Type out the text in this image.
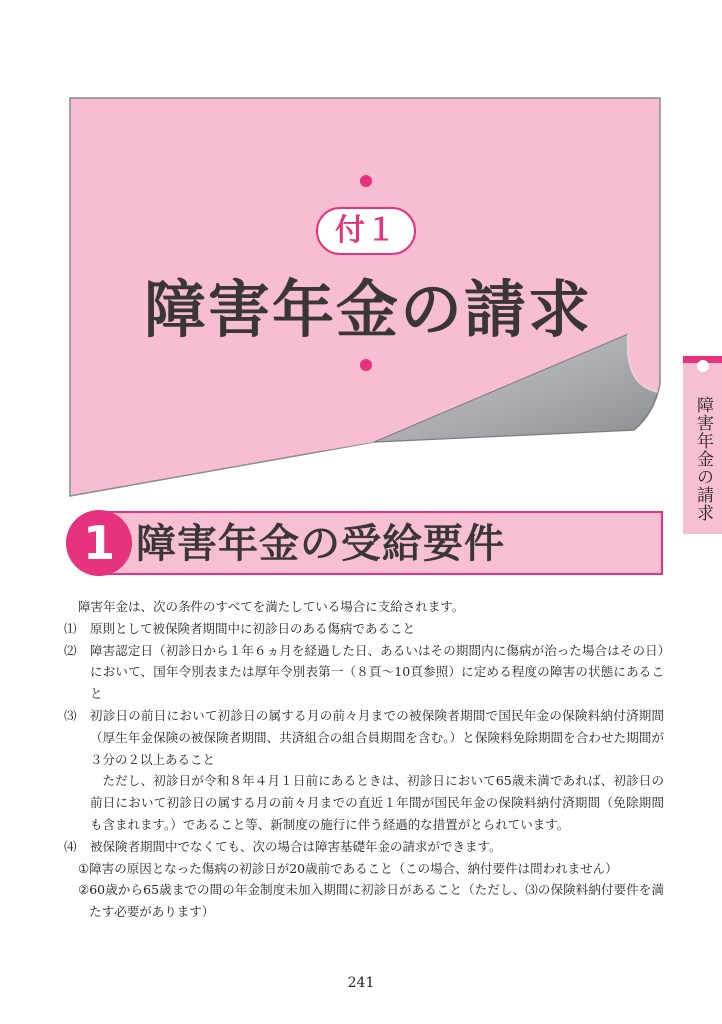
付１
障害年金の請求
障害年金の請求
1 障害年金の受給要件

障害年金は、次の条件のすべてを満たしている場合に支給されます。

⑴	原則として被保険者期間中に初診日のある傷病であること
⑵	障害認定日（初診日から１年６ヵ月を経過した日、あるいはその期間内に傷病が治った場合はその日）において、国年令別表または厚年令別表第一（８頁～10頁参照）に定める程度の障害の状態にあること
⑶	初診日の前日において初診日の属する月の前々月までの被保険者期間で国民年金の保険料納付済期間（厚生年金保険の被保険者期間、共済組合の組合員期間を含む。）と保険料免除期間を合わせた期間が３分の２以上あること
ただし、初診日が令和８年４月１日前にあるときは、初診日において65歳未満であれば、初診日の前日において初診日の属する月の前々月までの直近１年間が国民年金の保険料納付済期間（免除期間も含まれます。）であること等、新制度の施行に伴う経過的な措置がとられています。
⑷	被保険者期間中でなくても、次の場合は障害基礎年金の請求ができます。
① 障害の原因となった傷病の初診日が20歳前であること（この場合、納付要件は問われません）
② 60歳から65歳までの間の年金制度未加入期間に初診日があること（ただし、⑶の保険料納付要件を満たす必要があります）
241
